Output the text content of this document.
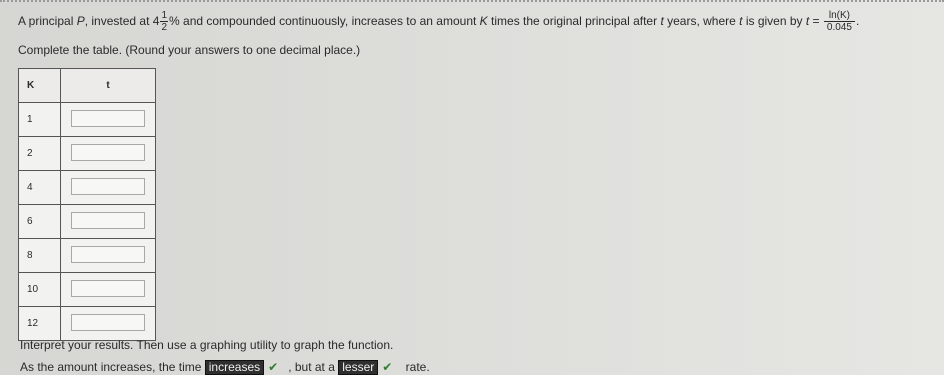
A principal P, invested at $4 \frac{1}{2}$ % and compounded continuously, increases to an amount K times the original principal after t years, where t is given by $t = \frac{\ln(K)}{0.045}$ .
Complete the table. (Round your answers to one decimal place.)
K	t
1	
2	
4	
6	
8	
10	
12	
Interpret your results. Then use a graphing utility to graph the function.
As the amount increases, the time increases ✔ , but at a lesser ✔ rate.
